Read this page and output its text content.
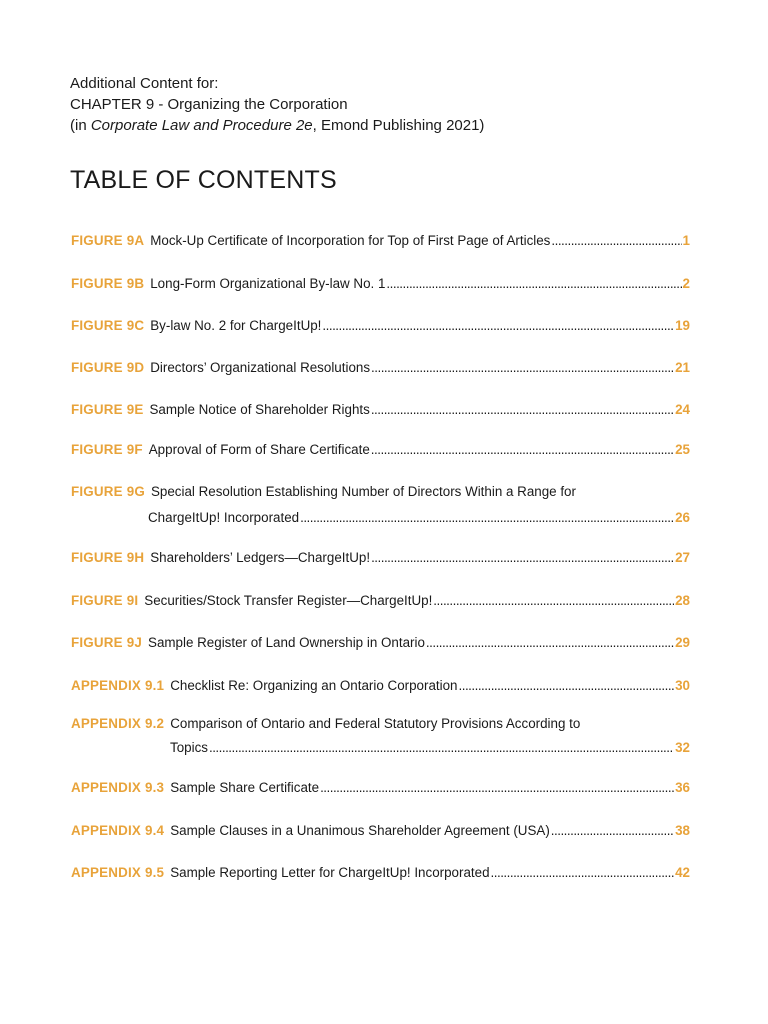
Additional Content for:
CHAPTER 9 - Organizing the Corporation
(in Corporate Law and Procedure 2e, Emond Publishing 2021)
TABLE OF CONTENTS
FIGURE 9A Mock-Up Certificate of Incorporation for Top of First Page of Articles .....	1
FIGURE 9B Long-Form Organizational By-law No. 1 .....	2
FIGURE 9C By-law No. 2 for ChargeItUp! .....	19
FIGURE 9D Directors’ Organizational Resolutions .....	21
FIGURE 9E Sample Notice of Shareholder Rights .....	24
FIGURE 9F Approval of Form of Share Certificate .....	25
FIGURE 9G Special Resolution Establishing Number of Directors Within a Range for
ChargeItUp! Incorporated .....	26
FIGURE 9H Shareholders’ Ledgers—ChargeItUp! .....	27
FIGURE 9I Securities/Stock Transfer Register—ChargeItUp! .....	28
FIGURE 9J Sample Register of Land Ownership in Ontario .....	29
APPENDIX 9.1 Checklist Re: Organizing an Ontario Corporation .....	30
APPENDIX 9.2 Comparison of Ontario and Federal Statutory Provisions According to
Topics .....	32
APPENDIX 9.3 Sample Share Certificate .....	36
APPENDIX 9.4 Sample Clauses in a Unanimous Shareholder Agreement (USA) .....	38
APPENDIX 9.5 Sample Reporting Letter for ChargeItUp! Incorporated .....	42
